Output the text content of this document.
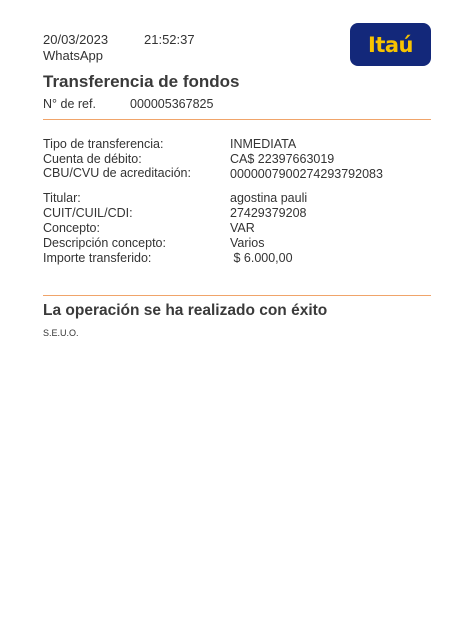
20/03/2023	21:52:37
WhatsApp	Itaú
Transferencia de fondos
N° de ref.	000005367825
Tipo de transferencia:	INMEDIATA
Cuenta de débito:	CA$ 22397663019
CBU/CVU de acreditación:	0000007900274293792083
Titular:	agostina pauli
CUIT/CUIL/CDI:	27429379208
Concepto:	VAR
Descripción concepto:	Varios
Importe transferido:	$ 6.000,00
La operación se ha realizado con éxito
S.E.U.O.
